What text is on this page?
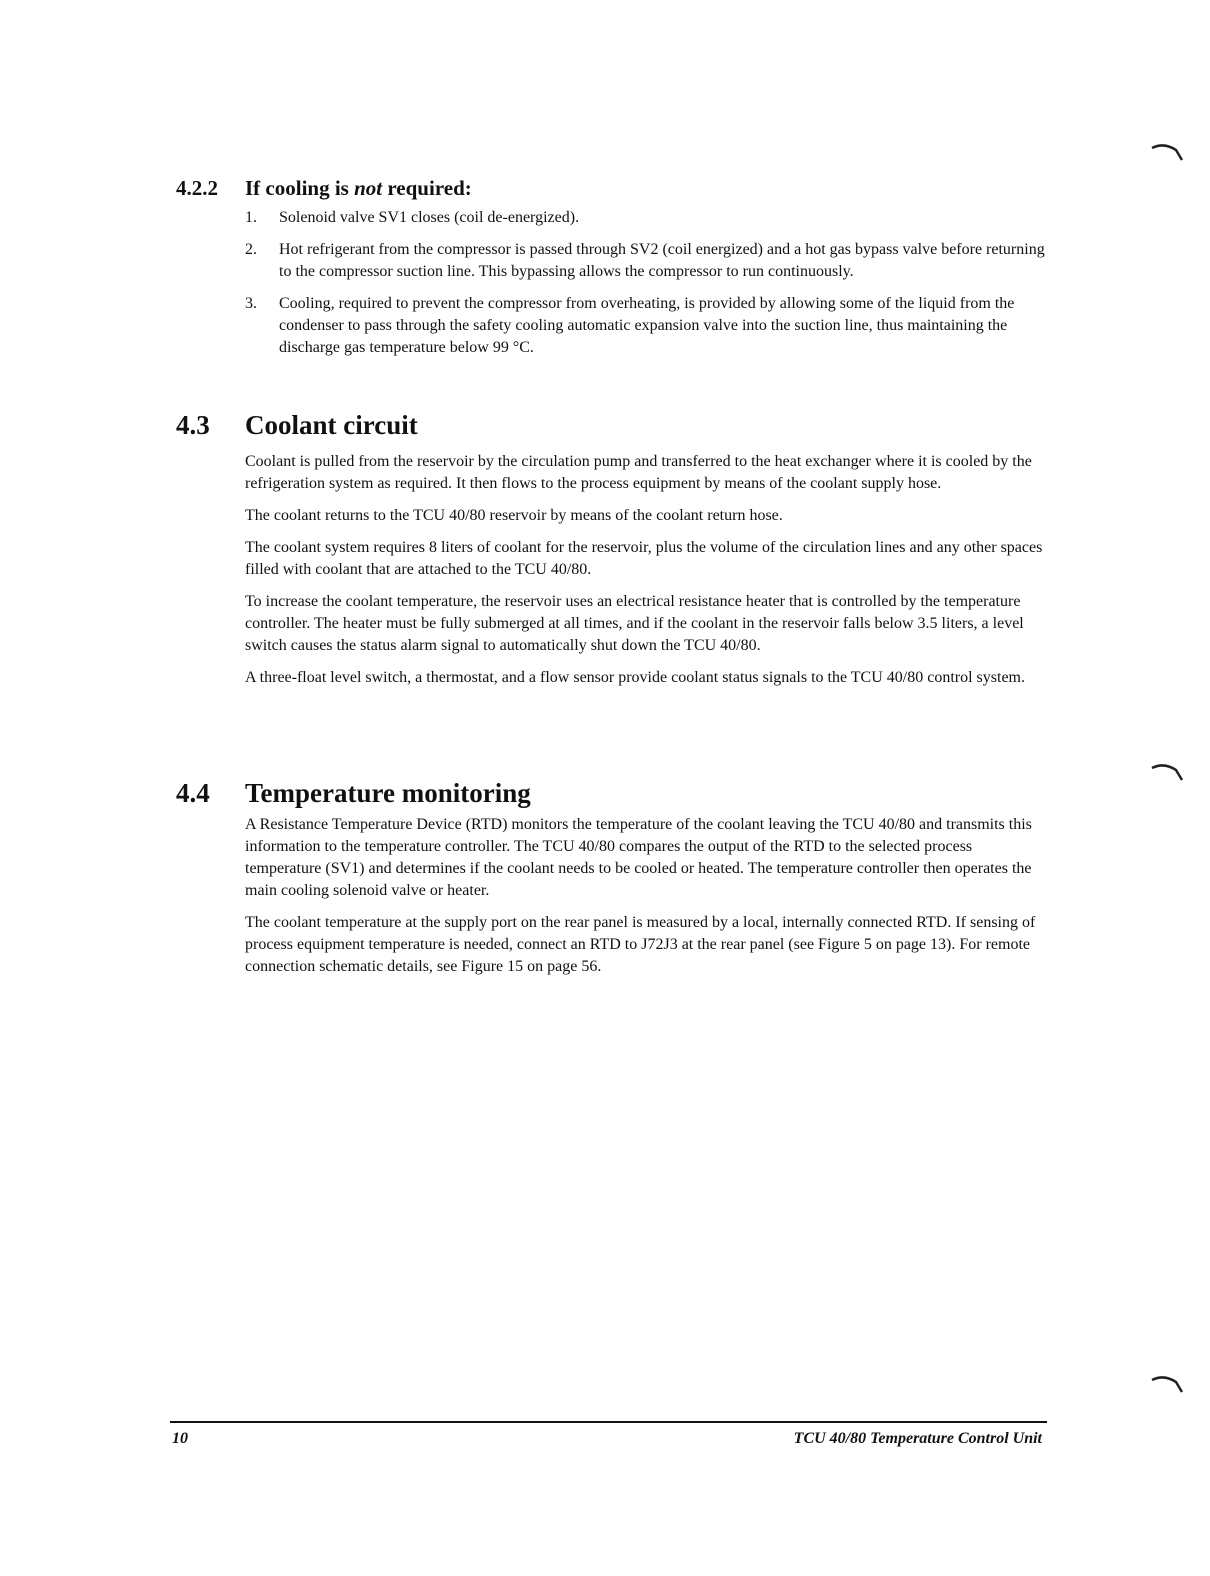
4.2.2 If cooling is not required:
1. Solenoid valve SV1 closes (coil de-energized).
2. Hot refrigerant from the compressor is passed through SV2 (coil energized) and a hot gas bypass valve before returning to the compressor suction line. This bypassing allows the compressor to run continuously.
3. Cooling, required to prevent the compressor from overheating, is provided by allowing some of the liquid from the condenser to pass through the safety cooling automatic expansion valve into the suction line, thus maintaining the discharge gas temperature below 99 °C.
4.3 Coolant circuit

Coolant is pulled from the reservoir by the circulation pump and transferred to the heat exchanger where it is cooled by the refrigeration system as required. It then flows to the process equipment by means of the coolant supply hose.

The coolant returns to the TCU 40/80 reservoir by means of the coolant return hose.

The coolant system requires 8 liters of coolant for the reservoir, plus the volume of the circulation lines and any other spaces filled with coolant that are attached to the TCU 40/80.

To increase the coolant temperature, the reservoir uses an electrical resistance heater that is controlled by the temperature controller. The heater must be fully submerged at all times, and if the coolant in the reservoir falls below 3.5 liters, a level switch causes the status alarm signal to automatically shut down the TCU 40/80.

A three-float level switch, a thermostat, and a flow sensor provide coolant status signals to the TCU 40/80 control system.

4.4 Temperature monitoring

A Resistance Temperature Device (RTD) monitors the temperature of the coolant leaving the TCU 40/80 and transmits this information to the temperature controller. The TCU 40/80 compares the output of the RTD to the selected process temperature (SV1) and determines if the coolant needs to be cooled or heated. The temperature controller then operates the main cooling solenoid valve or heater.

The coolant temperature at the supply port on the rear panel is measured by a local, internally connected RTD. If sensing of process equipment temperature is needed, connect an RTD to J72J3 at the rear panel (see Figure 5 on page 13). For remote connection schematic details, see Figure 15 on page 56.

10	TCU 40/80 Temperature Control Unit
